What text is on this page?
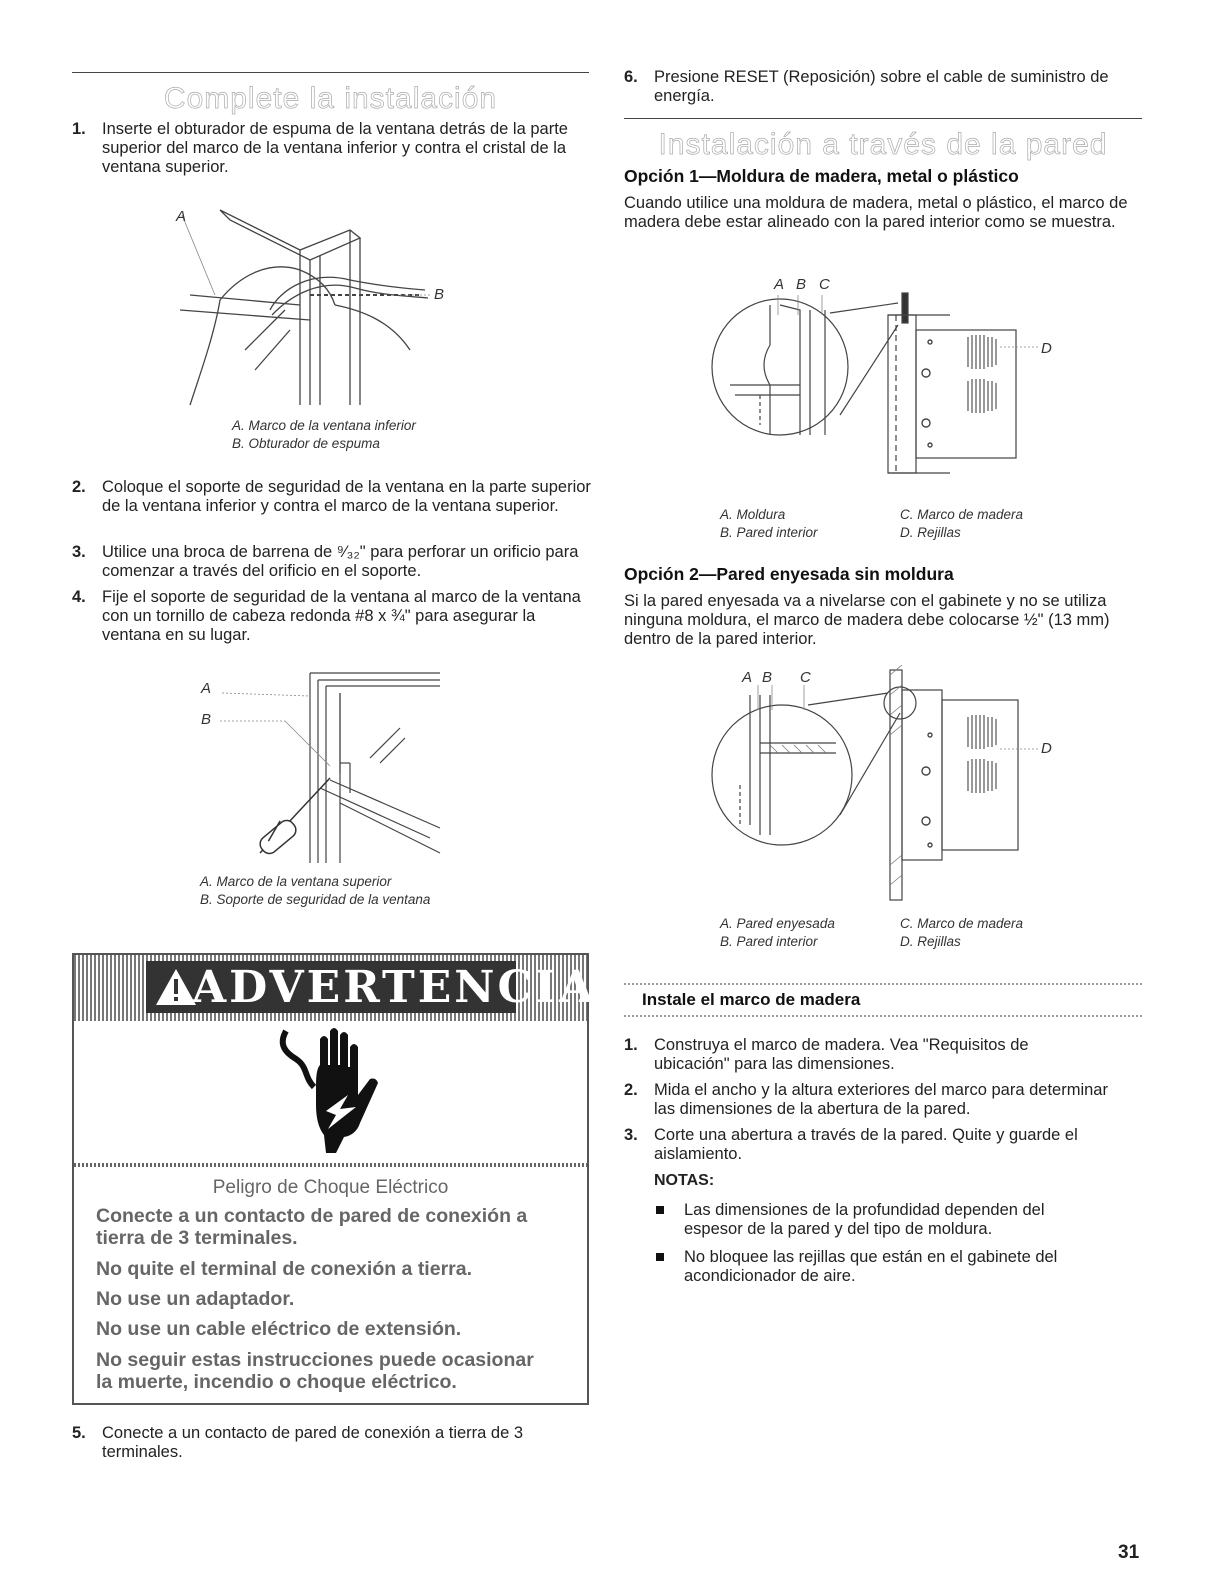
Complete la instalación
1. Inserte el obturador de espuma de la ventana detrás de la parte superior del marco de la ventana inferior y contra el cristal de la ventana superior.
A
B
A. Marco de la ventana inferior
B. Obturador de espuma
2. Coloque el soporte de seguridad de la ventana en la parte superior de la ventana inferior y contra el marco de la ventana superior.
3. Utilice una broca de barrena de ⁹⁄₃₂" para perforar un orificio para comenzar a través del orificio en el soporte.
4. Fije el soporte de seguridad de la ventana al marco de la ventana con un tornillo de cabeza redonda #8 x ¾" para asegurar la ventana en su lugar.
A
B
A. Marco de la ventana superior
B. Soporte de seguridad de la ventana
ADVERTENCIA
Peligro de Choque Eléctrico
Conecte a un contacto de pared de conexión a
tierra de 3 terminales.
No quite el terminal de conexión a tierra.
No use un adaptador.
No use un cable eléctrico de extensión.
No seguir estas instrucciones puede ocasionar
la muerte, incendio o choque eléctrico.
5. Conecte a un contacto de pared de conexión a tierra de 3 terminales.
6. Presione RESET (Reposición) sobre el cable de suministro de energía.
Instalación a través de la pared
Opción 1—Moldura de madera, metal o plástico
Cuando utilice una moldura de madera, metal o plástico, el marco de madera debe estar alineado con la pared interior como se muestra.
A B C
D
A. Moldura
B. Pared interior
C. Marco de madera
D. Rejillas
Opción 2—Pared enyesada sin moldura
Si la pared enyesada va a nivelarse con el gabinete y no se utiliza ninguna moldura, el marco de madera debe colocarse ½" (13 mm) dentro de la pared interior.
A B C
D
A. Pared enyesada
B. Pared interior
C. Marco de madera
D. Rejillas
Instale el marco de madera
1. Construya el marco de madera. Vea "Requisitos de ubicación" para las dimensiones.
2. Mida el ancho y la altura exteriores del marco para determinar las dimensiones de la abertura de la pared.
3. Corte una abertura a través de la pared. Quite y guarde el aislamiento.
NOTAS:
Las dimensiones de la profundidad dependen del espesor de la pared y del tipo de moldura.
No bloquee las rejillas que están en el gabinete del acondicionador de aire.
31
